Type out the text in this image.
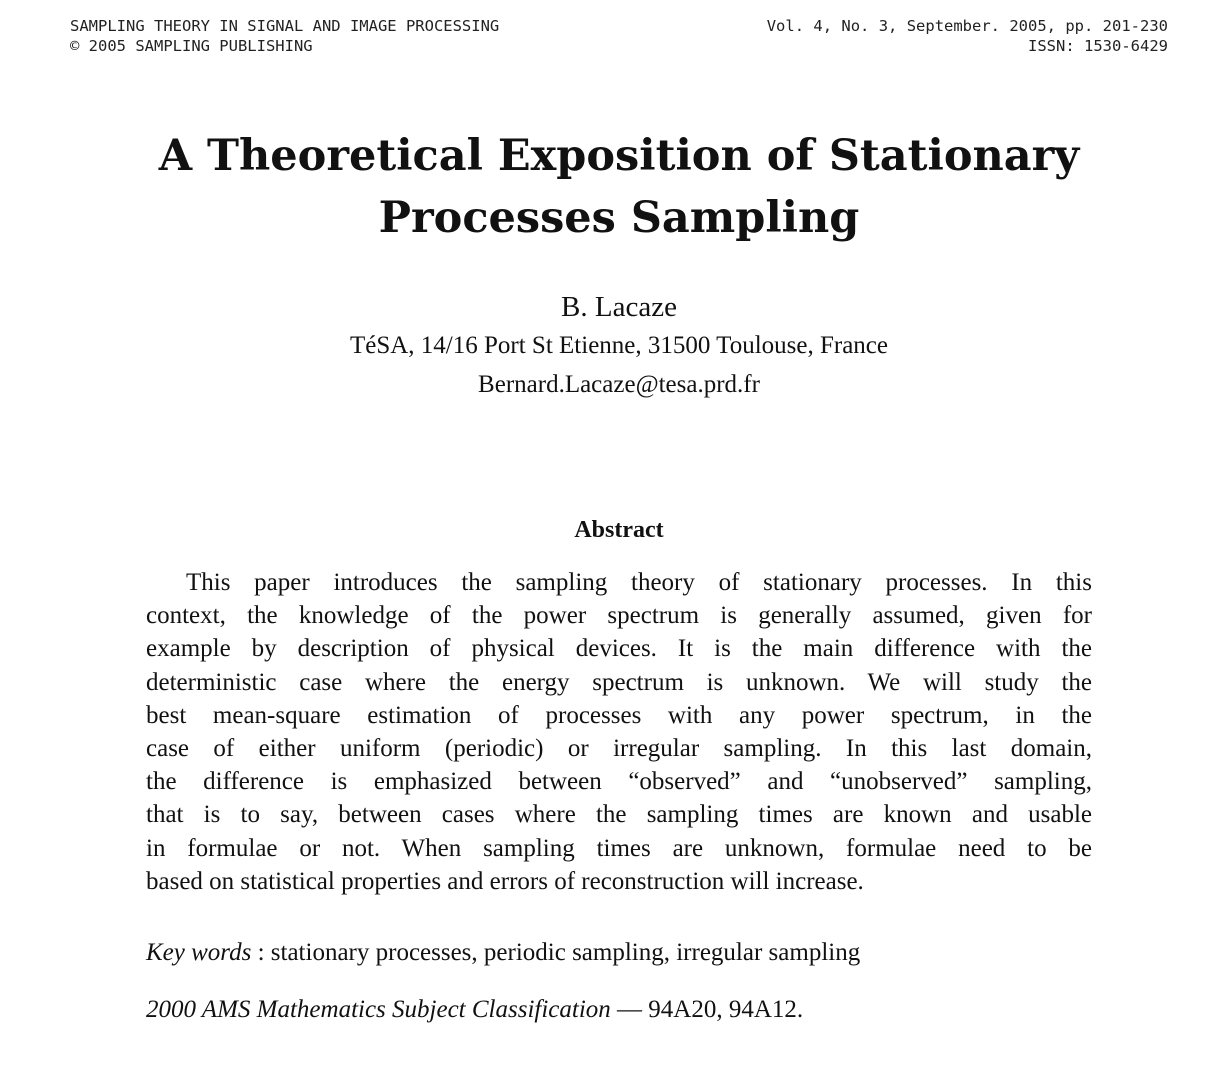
SAMPLING THEORY IN SIGNAL AND IMAGE PROCESSING	Vol. 4, No. 3, September. 2005, pp. 201-230
© 2005 SAMPLING PUBLISHING	ISSN: 1530-6429
A Theoretical Exposition of Stationary
Processes Sampling
B. Lacaze
TéSA, 14/16 Port St Etienne, 31500 Toulouse, France
Bernard.Lacaze@tesa.prd.fr
Abstract
This paper introduces the sampling theory of stationary processes. In this
context, the knowledge of the power spectrum is generally assumed, given for
example by description of physical devices. It is the main difference with the
deterministic case where the energy spectrum is unknown. We will study the
best mean-square estimation of processes with any power spectrum, in the
case of either uniform (periodic) or irregular sampling. In this last domain,
the difference is emphasized between “observed” and “unobserved” sampling,
that is to say, between cases where the sampling times are known and usable
in formulae or not. When sampling times are unknown, formulae need to be
based on statistical properties and errors of reconstruction will increase.
Key words : stationary processes, periodic sampling, irregular sampling
2000 AMS Mathematics Subject Classification — 94A20, 94A12.
